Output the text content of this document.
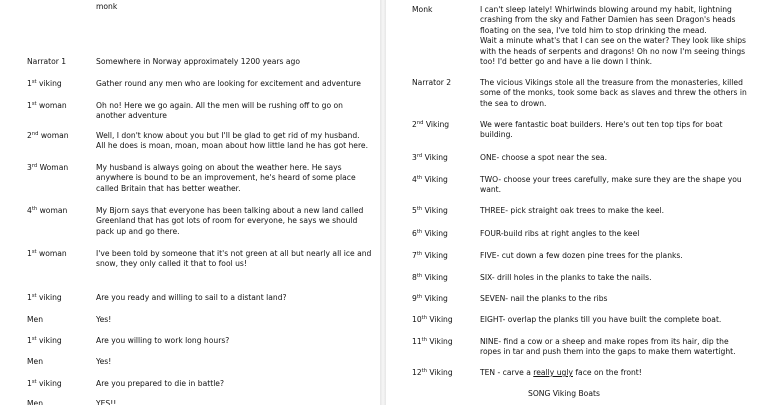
monk
Narrator 1	Somewhere in Norway approximately 1200 years ago
1st viking	Gather round any men who are looking for excitement and adventure
1st woman	Oh no! Here we go again. All the men will be rushing off to go on
another adventure
2nd woman	Well, I don't know about you but I'll be glad to get rid of my husband.
All he does is moan, moan, moan about how little land he has got here.
3rd Woman	My husband is always going on about the weather here. He says
anywhere is bound to be an improvement, he's heard of some place
called Britain that has better weather.
4th woman	My Bjorn says that everyone has been talking about a new land called
Greenland that has got lots of room for everyone, he says we should
pack up and go there.
1st woman	I've been told by someone that it's not green at all but nearly all ice and
snow, they only called it that to fool us!
1st viking	Are you ready and willing to sail to a distant land?
Men	Yes!
1st viking	Are you willing to work long hours?
Men	Yes!
1st viking	Are you prepared to die in battle?
Men	YES!!
Monk	I can't sleep lately! Whirlwinds blowing around my habit, lightning
crashing from the sky and Father Damien has seen Dragon's heads
floating on the sea, I've told him to stop drinking the mead.
Wait a minute what's that I can see on the water? They look like ships
with the heads of serpents and dragons! Oh no now I'm seeing things
too! I'd better go and have a lie down I think.
Narrator 2	The vicious Vikings stole all the treasure from the monasteries, killed
some of the monks, took some back as slaves and threw the others in
the sea to drown.
2nd Viking	We were fantastic boat builders. Here's out ten top tips for boat
building.
3rd Viking	ONE- choose a spot near the sea.
4th Viking	TWO- choose your trees carefully, make sure they are the shape you
want.
5th Viking	THREE- pick straight oak trees to make the keel.
6th Viking	FOUR-build ribs at right angles to the keel
7th Viking	FIVE- cut down a few dozen pine trees for the planks.
8th Viking	SIX- drill holes in the planks to take the nails.
9th Viking	SEVEN- nail the planks to the ribs
10th Viking	EIGHT- overlap the planks till you have built the complete boat.
11th Viking	NINE- find a cow or a sheep and make ropes from its hair, dip the
ropes in tar and push them into the gaps to make them watertight.
12th Viking	TEN - carve a really ugly face on the front!
SONG Viking Boats
